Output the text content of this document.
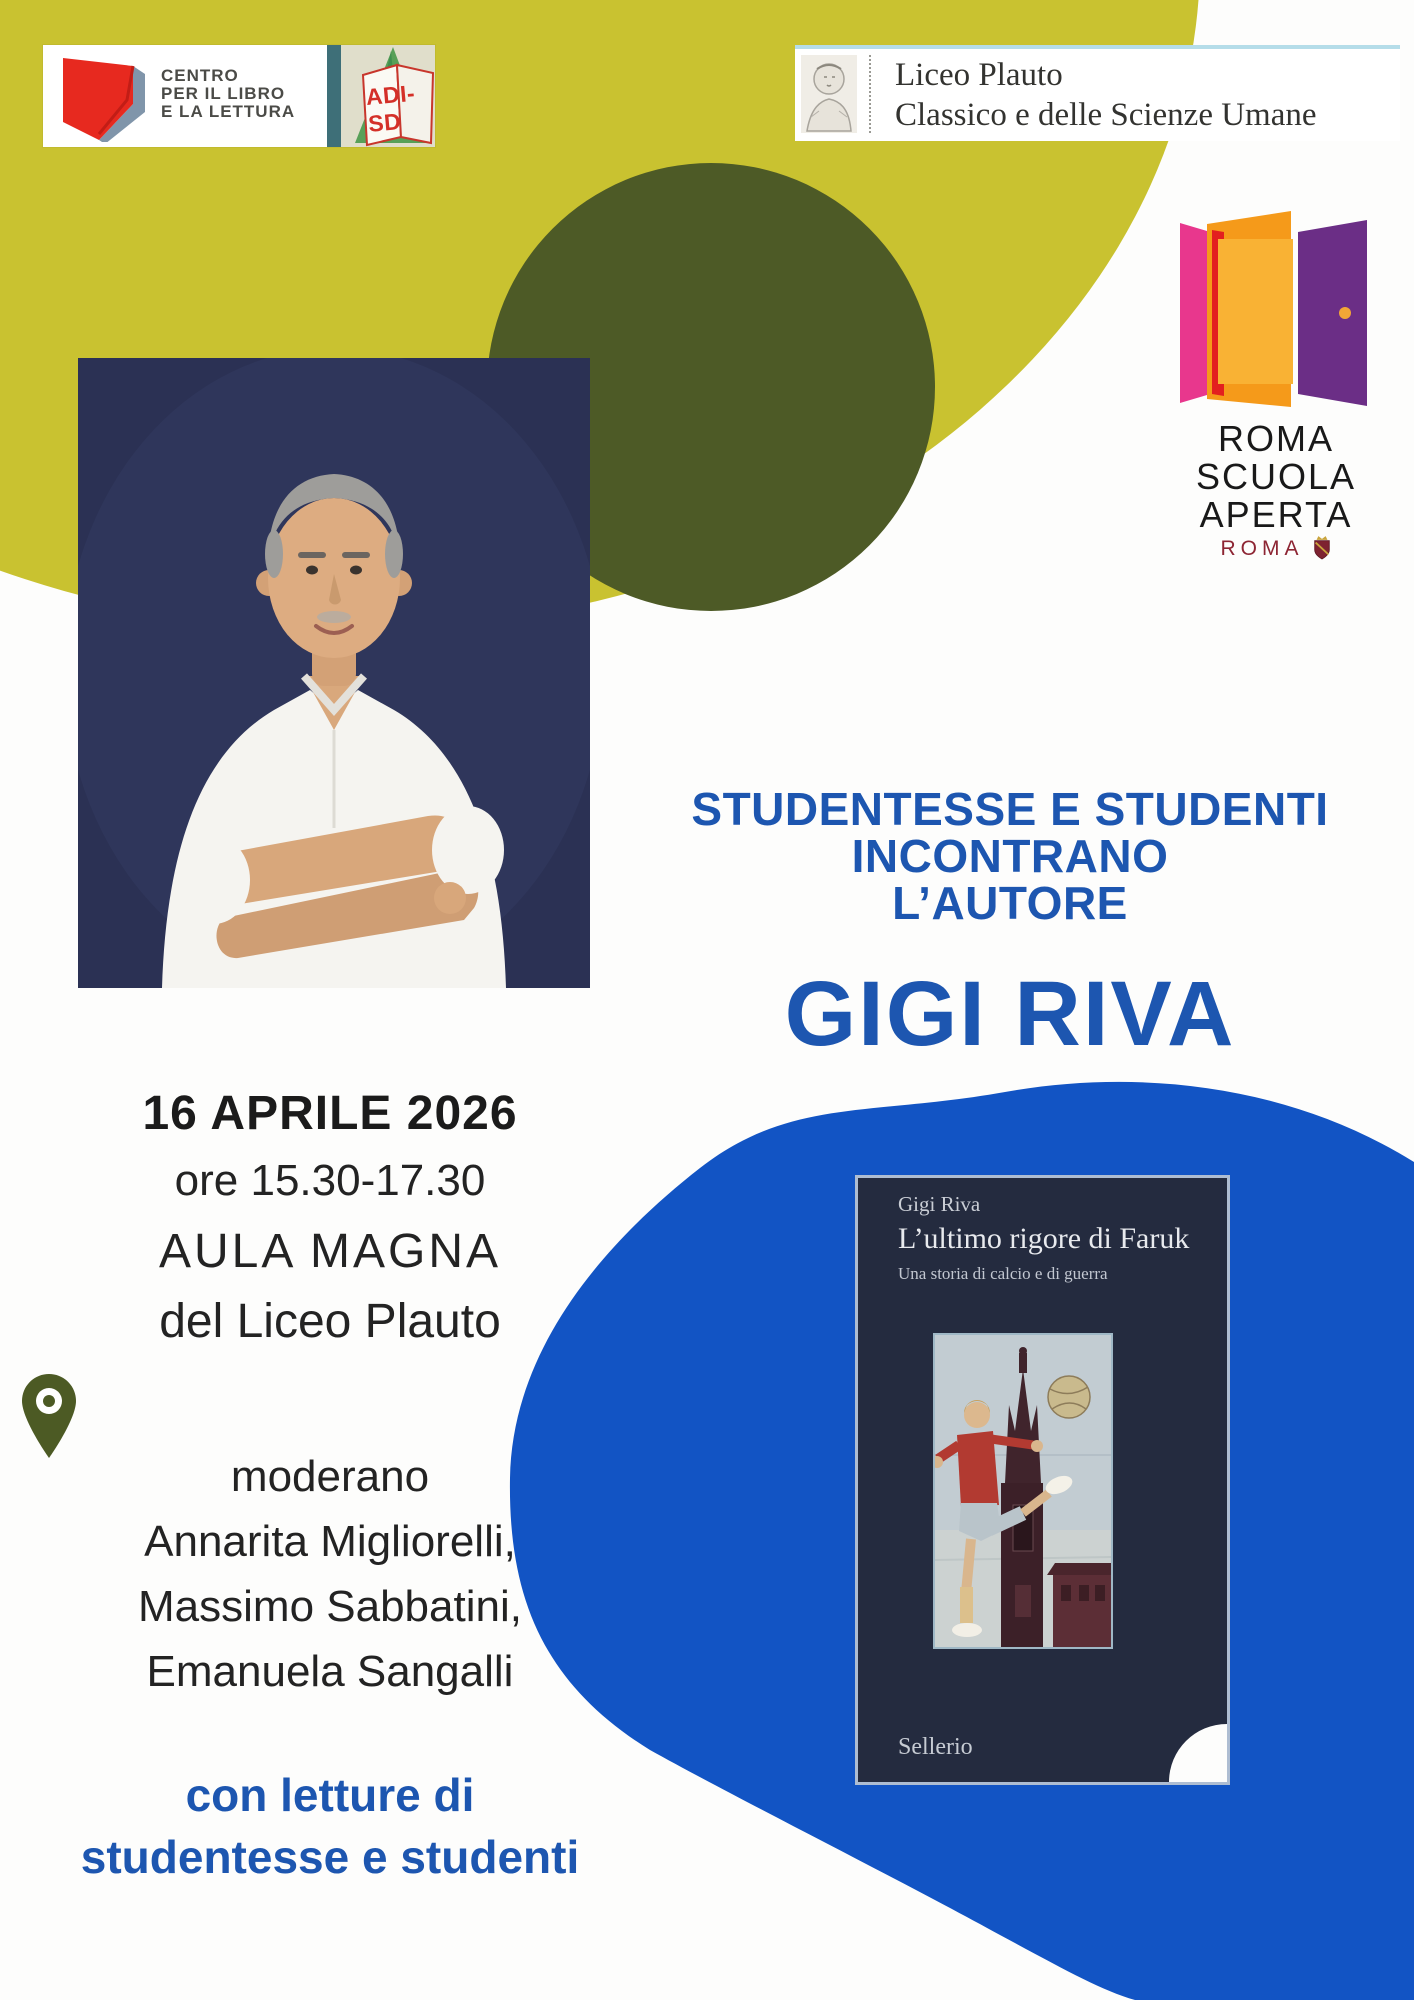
CENTRO
PER IL LIBRO
E LA LETTURA
ADI-SD
Liceo Plauto
Classico e delle Scienze Umane
ROMA
SCUOLA
APERTA
ROMA
STUDENTESSE E STUDENTI
INCONTRANO
L’AUTORE
GIGI RIVA
16 APRILE 2026
ore 15.30-17.30
AULA MAGNA
del Liceo Plauto
moderano
Annarita Migliorelli,
Massimo Sabbatini,
Emanuela Sangalli
con letture di
studentesse e studenti
Gigi Riva
L’ultimo rigore di Faruk
Una storia di calcio e di guerra
Sellerio
